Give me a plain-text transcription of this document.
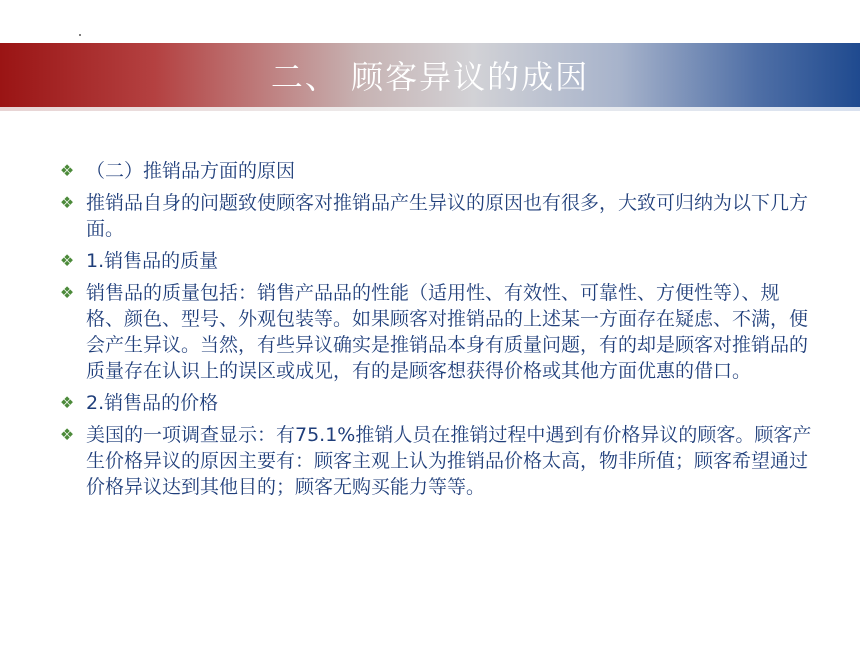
二、 顾客异议的成因
❖ （二）推销品方面的原因
❖ 推销品自身的问题致使顾客对推销品产生异议的原因也有很多，大致可归纳为以下几方面。
❖ 1.销售品的质量
❖ 销售品的质量包括：销售产品品的性能（适用性、有效性、可靠性、方便性等）、规格、颜色、型号、外观包装等。如果顾客对推销品的上述某一方面存在疑虑、不满，便会产生异议。当然，有些异议确实是推销品本身有质量问题，有的却是顾客对推销品的质量存在认识上的误区或成见，有的是顾客想获得价格或其他方面优惠的借口。
❖ 2.销售品的价格
❖ 美国的一项调查显示：有75.1%推销人员在推销过程中遇到有价格异议的顾客。顾客产生价格异议的原因主要有：顾客主观上认为推销品价格太高，物非所值；顾客希望通过价格异议达到其他目的；顾客无购买能力等等。
